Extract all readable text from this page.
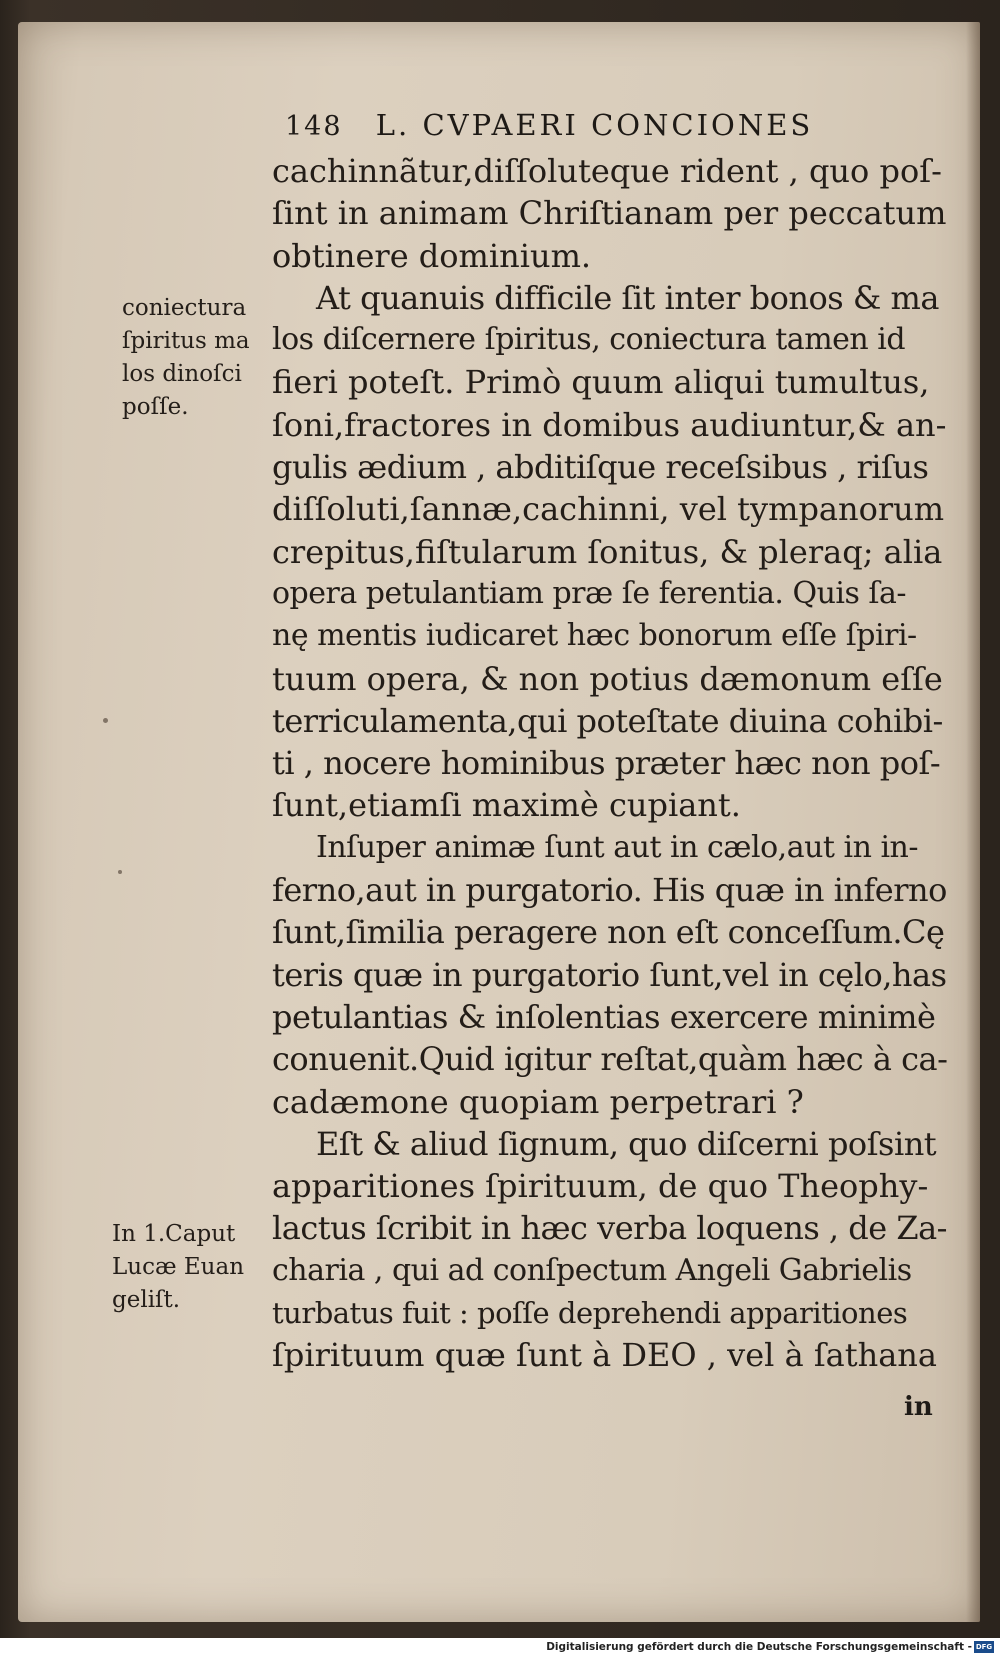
148 L. CVPAERI CONCIONES
cachinnãtur,diſſoluteque rident , quo poſ-
ſint in animam Chriſtianam per peccatum
obtinere dominium.
At quanuis difficile ſit inter bonos & ma
los diſcernere ſpiritus, coniectura tamen id
fieri poteſt. Primò quum aliqui tumultus,
ſoni,fractores in domibus audiuntur,& an-
gulis ædium , abditiſque receſsibus , riſus
diſſoluti,ſannæ,cachinni, vel tympanorum
crepitus,fiſtularum ſonitus, & pleraq; alia
opera petulantiam præ ſe ferentia. Quis ſa-
nę mentis iudicaret hæc bonorum eſſe ſpiri-
tuum opera, & non potius dæmonum eſſe
terriculamenta,qui poteſtate diuina cohibi-
ti , nocere hominibus præter hæc non poſ-
ſunt,etiamſi maximè cupiant.
Inſuper animæ ſunt aut in cælo,aut in in-
ferno,aut in purgatorio. His quæ in inferno
ſunt,ſimilia peragere non eſt conceſſum.Cę
teris quæ in purgatorio ſunt,vel in cęlo,has
petulantias & inſolentias exercere minimè
conuenit.Quid igitur reſtat,quàm hæc à ca-
cadæmone quopiam perpetrari ?
Eſt & aliud ſignum, quo diſcerni poſsint
apparitiones ſpirituum, de quo Theophy-
lactus ſcribit in hæc verba loquens , de Za-
charia , qui ad conſpectum Angeli Gabrielis
turbatus fuit : poſſe deprehendi apparitiones
ſpirituum quæ ſunt à DEO , vel à ſathana
coniectura
ſpiritus ma
los dinoſci
poſſe.
In 1.Caput
Lucæ Euan
geliſt.
in
Digitalisierung gefördert durch die Deutsche Forschungsgemeinschaft - DFG
